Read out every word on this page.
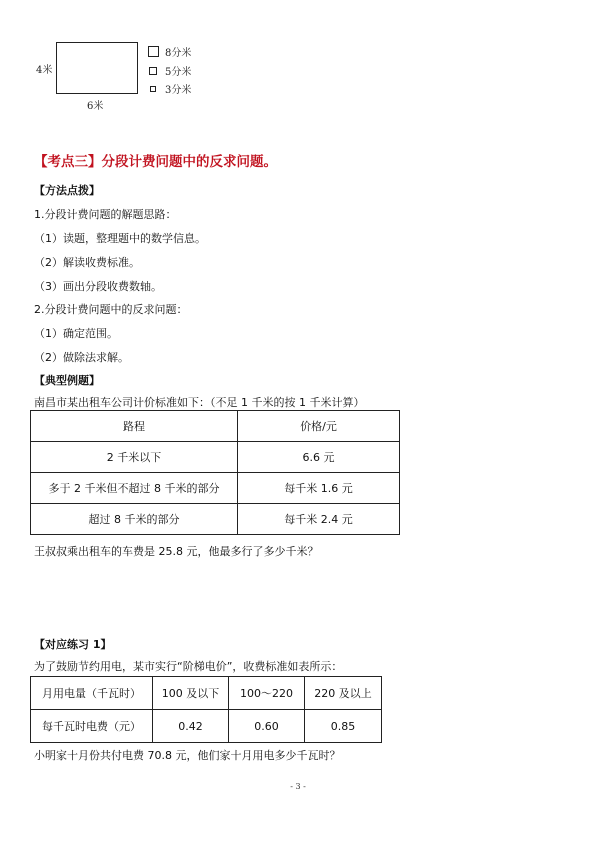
4米
6米
8分米
5分米
3分米
【考点三】分段计费问题中的反求问题。
【方法点拨】
1.分段计费问题的解题思路：
（1）读题，整理题中的数学信息。
（2）解读收费标准。
（3）画出分段收费数轴。
2.分段计费问题中的反求问题：
（1）确定范围。
（2）做除法求解。
【典型例题】
南昌市某出租车公司计价标准如下：（不足 1 千米的按 1 千米计算）
路程	价格/元
2 千米以下	6.6 元
多于 2 千米但不超过 8 千米的部分	每千米 1.6 元
超过 8 千米的部分	每千米 2.4 元
王叔叔乘出租车的车费是 25.8 元，他最多行了多少千米？
【对应练习 1】
为了鼓励节约用电，某市实行“阶梯电价”，收费标准如表所示：
月用电量（千瓦时）	100 及以下	100～220	220 及以上
每千瓦时电费（元）	0.42	0.60	0.85
小明家十月份共付电费 70.8 元，他们家十月用电多少千瓦时？
- 3 -
